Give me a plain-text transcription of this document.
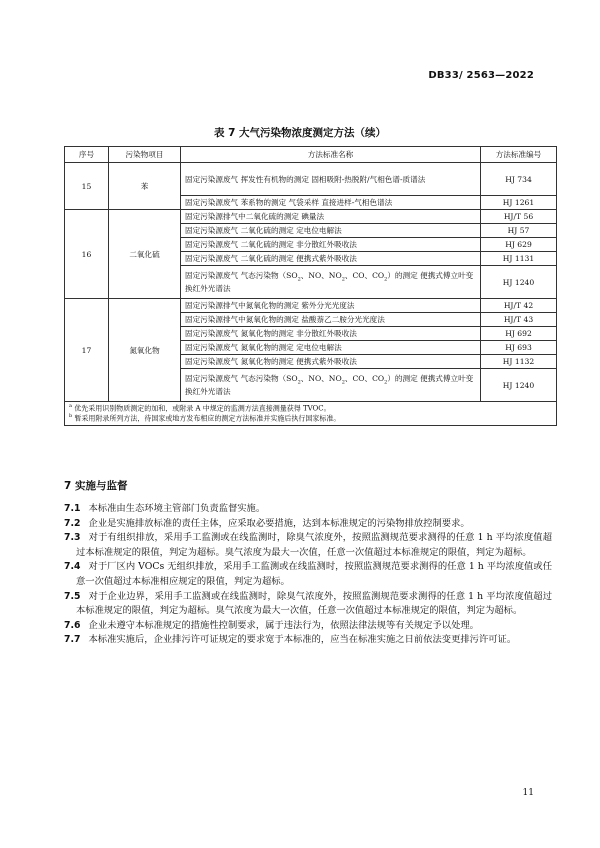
DB33/ 2563—2022
表 7 大气污染物浓度测定方法（续）
序号	污染物项目	方法标准名称	方法标准编号
15	苯	固定污染源废气 挥发性有机物的测定 固相吸附-热脱附/气相色谱-质谱法	HJ 734
		固定污染源废气 苯系物的测定 气袋采样 直接进样-气相色谱法	HJ 1261
16	二氧化硫	固定污染源排气中二氧化硫的测定 碘量法	HJ/T 56
		固定污染源废气 二氧化硫的测定 定电位电解法	HJ 57
		固定污染源废气 二氧化硫的测定 非分散红外吸收法	HJ 629
		固定污染源废气 二氧化硫的测定 便携式紫外吸收法	HJ 1131
		固定污染源废气 气态污染物（$SO_2$、NO、$NO_2$、CO、$CO_2$）的测定 便携式傅立叶变换红外光谱法	HJ 1240
17	氮氧化物	固定污染源排气中氮氧化物的测定 紫外分光光度法	HJ/T 42
		固定污染源排气中氮氧化物的测定 盐酸萘乙二胺分光光度法	HJ/T 43
		固定污染源废气 氮氧化物的测定 非分散红外吸收法	HJ 692
		固定污染源废气 氮氧化物的测定 定电位电解法	HJ 693
		固定污染源废气 氮氧化物的测定 便携式紫外吸收法	HJ 1132
		固定污染源废气 气态污染物（$SO_2$、NO、$NO_2$、CO、$CO_2$）的测定 便携式傅立叶变换红外光谱法	HJ 1240

$^a$ 优先采用识别物质测定的加和，或附录 A 中规定的监测方法直接测量获得 TVOC。
$^b$ 暂采用附录所列方法，待国家或地方发布相应的测定方法标准并实施后执行国家标准。			
7 实施与监督

7.1 本标准由生态环境主管部门负责监督实施。

7.2 企业是实施排放标准的责任主体，应采取必要措施，达到本标准规定的污染物排放控制要求。

7.3 对于有组织排放，采用手工监测或在线监测时，除臭气浓度外，按照监测规范要求测得的任意 1 h 平均浓度值超过本标准规定的限值，判定为超标。臭气浓度为最大一次值，任意一次值超过本标准规定的限值，判定为超标。

7.4 对于厂区内 VOCs 无组织排放，采用手工监测或在线监测时，按照监测规范要求测得的任意 1 h 平均浓度值或任意一次值超过本标准相应规定的限值，判定为超标。

7.5 对于企业边界，采用手工监测或在线监测时，除臭气浓度外，按照监测规范要求测得的任意 1 h 平均浓度值超过本标准规定的限值，判定为超标。臭气浓度为最大一次值，任意一次值超过本标准规定的限值，判定为超标。

7.6 企业未遵守本标准规定的措施性控制要求，属于违法行为，依照法律法规等有关规定予以处理。

7.7 本标准实施后，企业排污许可证规定的要求宽于本标准的，应当在标准实施之日前依法变更排污许可证。

11
